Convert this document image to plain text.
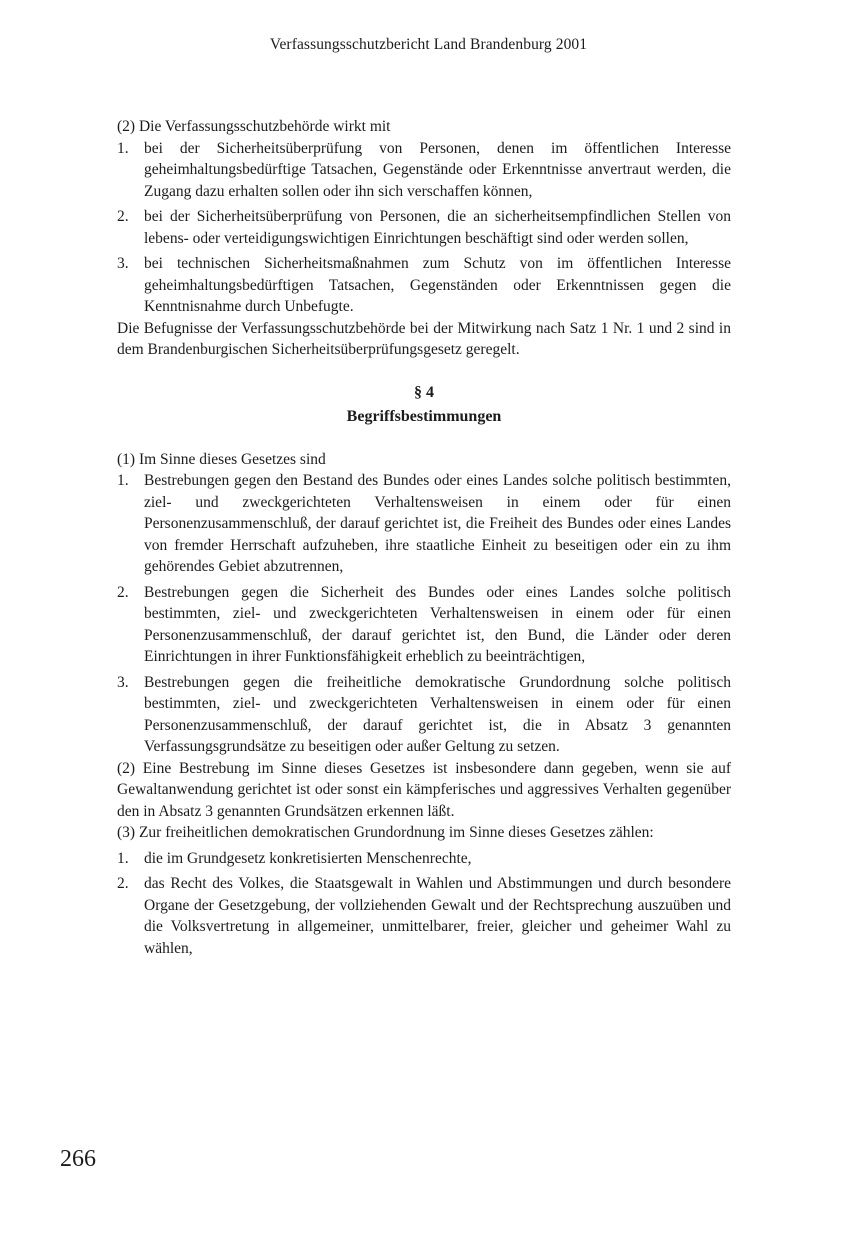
Verfassungsschutzbericht Land Brandenburg 2001

(2) Die Verfassungsschutzbehörde wirkt mit

1. bei der Sicherheitsüberprüfung von Personen, denen im öffentlichen Interesse geheimhaltungsbedürftige Tatsachen, Gegenstände oder Erkenntnisse anvertraut werden, die Zugang dazu erhalten sollen oder ihn sich verschaffen können,
2. bei der Sicherheitsüberprüfung von Personen, die an sicherheitsempfindlichen Stellen von lebens- oder verteidigungswichtigen Einrichtungen beschäftigt sind oder werden sollen,
3. bei technischen Sicherheitsmaßnahmen zum Schutz von im öffentlichen Interesse geheimhaltungsbedürftigen Tatsachen, Gegenständen oder Erkenntnissen gegen die Kenntnisnahme durch Unbefugte.

Die Befugnisse der Verfassungsschutzbehörde bei der Mitwirkung nach Satz 1 Nr. 1 und 2 sind in dem Brandenburgischen Sicherheitsüberprüfungsgesetz geregelt.

§ 4
Begriffsbestimmungen

(1) Im Sinne dieses Gesetzes sind

1. Bestrebungen gegen den Bestand des Bundes oder eines Landes solche politisch bestimmten, ziel- und zweckgerichteten Verhaltensweisen in einem oder für einen Personenzusammenschluß, der darauf gerichtet ist, die Freiheit des Bundes oder eines Landes von fremder Herrschaft aufzuheben, ihre staatliche Einheit zu beseitigen oder ein zu ihm gehörendes Gebiet abzutrennen,
2. Bestrebungen gegen die Sicherheit des Bundes oder eines Landes solche politisch bestimmten, ziel- und zweckgerichteten Verhaltensweisen in einem oder für einen Personenzusammenschluß, der darauf gerichtet ist, den Bund, die Länder oder deren Einrichtungen in ihrer Funktionsfähigkeit erheblich zu beeinträchtigen,
3. Bestrebungen gegen die freiheitliche demokratische Grundordnung solche politisch bestimmten, ziel- und zweckgerichteten Verhaltensweisen in einem oder für einen Personenzusammenschluß, der darauf gerichtet ist, die in Absatz 3 genannten Verfassungsgrundsätze zu beseitigen oder außer Geltung zu setzen.

(2) Eine Bestrebung im Sinne dieses Gesetzes ist insbesondere dann gegeben, wenn sie auf Gewaltanwendung gerichtet ist oder sonst ein kämpferisches und aggressives Verhalten gegenüber den in Absatz 3 genannten Grundsätzen erkennen läßt.

(3) Zur freiheitlichen demokratischen Grundordnung im Sinne dieses Gesetzes zählen:

1. die im Grundgesetz konkretisierten Menschenrechte,
2. das Recht des Volkes, die Staatsgewalt in Wahlen und Abstimmungen und durch besondere Organe der Gesetzgebung, der vollziehenden Gewalt und der Rechtsprechung auszuüben und die Volksvertretung in allgemeiner, unmittelbarer, freier, gleicher und geheimer Wahl zu wählen,
266
